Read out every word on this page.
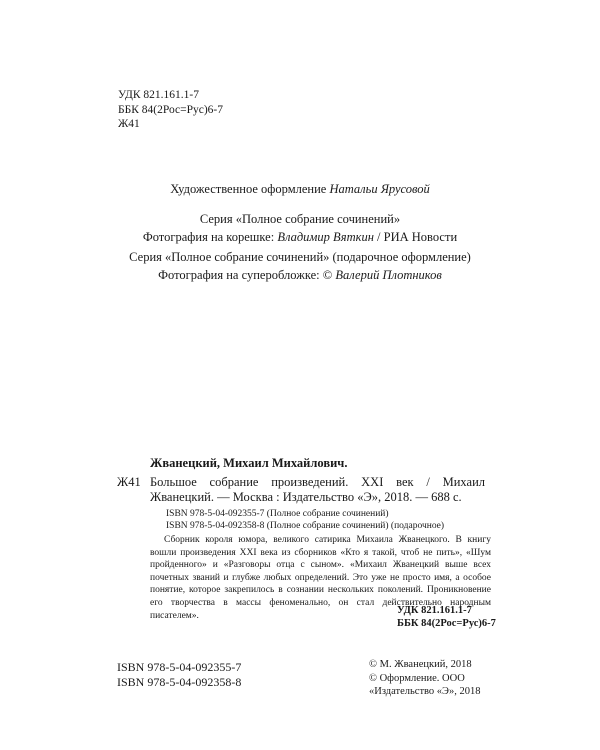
УДК 821.161.1-7
ББК 84(2Рос=Рус)6-7
Ж41
Художественное оформление Натальи Ярусовой
Серия «Полное собрание сочинений»
Фотография на корешке: Владимир Вяткин / РИА Новости
Серия «Полное собрание сочинений» (подарочное оформление)
Фотография на суперобложке: © Валерий Плотников
Жванецкий, Михаил Михайлович.
Ж41 Большое собрание произведений. XXI век / Михаил Жванецкий. — Москва : Издательство «Э», 2018. — 688 с.
ISBN 978-5-04-092355-7 (Полное собрание сочинений)
ISBN 978-5-04-092358-8 (Полное собрание сочинений) (подарочное)
Сборник короля юмора, великого сатирика Михаила Жванецкого. В книгу вошли произведения XXI века из сборников «Кто я такой, чтоб не пить», «Шум пройденного» и «Разговоры отца с сыном». «Михаил Жванецкий выше всех почетных званий и глубже любых определений. Это уже не просто имя, а особое понятие, которое закрепилось в сознании нескольких поколений. Проникновение его творчества в массы феноменально, он стал действительно народным писателем».	УДК 821.161.1-7
ББК 84(2Рос=Рус)6-7
ISBN 978-5-04-092355-7
ISBN 978-5-04-092358-8
© М. Жванецкий, 2018
© Оформление. ООО
«Издательство «Э», 2018
